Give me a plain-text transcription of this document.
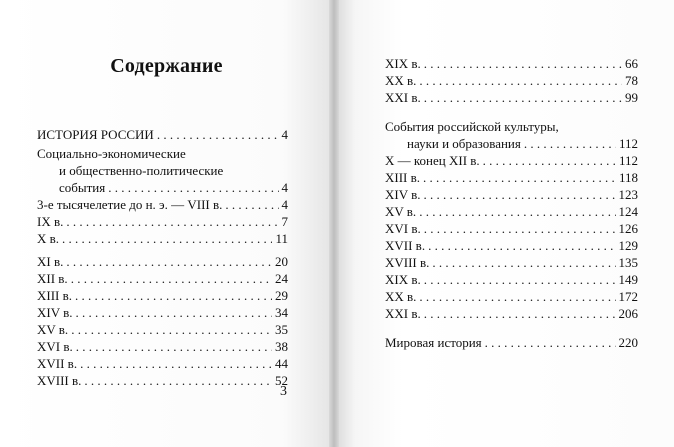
Содержание
ИСТОРИЯ РОССИИ . . .	4
Социально-экономические
и общественно-политические
события . . .	4
3-е тысячелетие до н. э. — VIII в. . . .	4
IX в. . . .	7
X в. . . .	11
XI в. . . .	20
XII в. . . .	24
XIII в. . . .	29
XIV в. . . .	34
XV в. . . .	35
XVI в. . . .	38
XVII в. . . .	44
XVIII в. . . .	52
3
XIX в. . . .	66
XX в. . . .	78
XXI в. . . .	99
События российской культуры,
науки и образования . . .	112
X — конец XII в. . . .	112
XIII в. . . .	118
XIV в. . . .	123
XV в. . . .	124
XVI в. . . .	126
XVII в. . . .	129
XVIII в. . . .	135
XIX в. . . .	149
XX в. . . .	172
XXI в. . . .	206
Мировая история . . .	220
